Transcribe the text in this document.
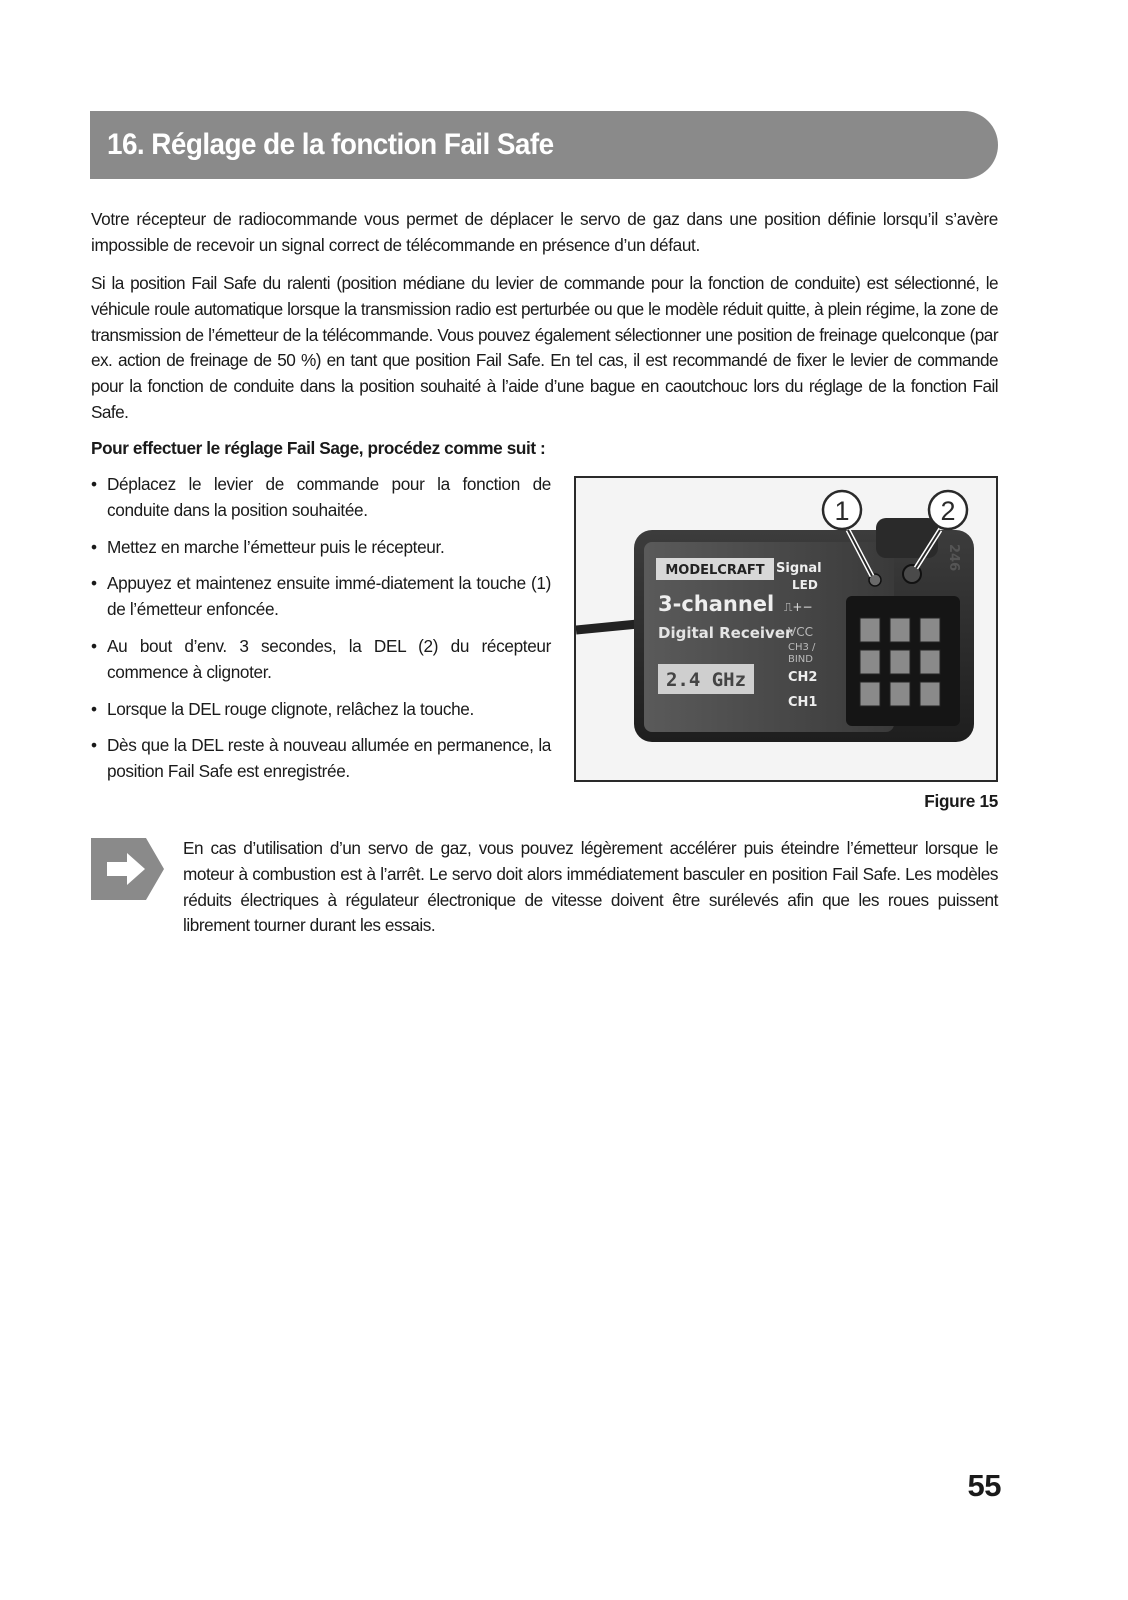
16. Réglage de la fonction Fail Safe

Votre récepteur de radiocommande vous permet de déplacer le servo de gaz dans une position définie lorsqu’il s’avère impossible de recevoir un signal correct de télécommande en présence d’un défaut.

Si la position Fail Safe du ralenti (position médiane du levier de commande pour la fonction de conduite) est sélectionné, le véhicule roule automatique lorsque la transmission radio est perturbée ou que le modèle réduit quitte, à plein régime, la zone de transmission de l’émetteur de la télécommande. Vous pouvez également sélectionner une position de freinage quelconque (par ex. action de freinage de 50 %) en tant que position Fail Safe. En tel cas, il est recommandé de fixer le levier de commande pour la fonction de conduite dans la position souhaité à l’aide d’une bague en caoutchouc lors du réglage de la fonction Fail Safe.

Pour effectuer le réglage Fail Sage, procédez comme suit :

• Déplacez le levier de commande pour la fonction de conduite dans la position souhaitée.
• Mettez en marche l’émetteur puis le récepteur.
• Appuyez et maintenez ensuite immé-diatement la touche (1) de l’émetteur enfoncée.
• Au bout d’env. 3 secondes, la DEL (2) du récepteur commence à clignoter.
• Lorsque la DEL rouge clignote, relâchez la touche.
• Dès que la DEL reste à nouveau allumée en permanence, la position Fail Safe est enregistrée.
MODELCRAFT Signal
LED
3-channel
Digital Receiver
⎍+−
2.4 GHz
VCC
CH3 /
BIND
CH2
CH1
246
1	2

Figure 15

En cas d’utilisation d’un servo de gaz, vous pouvez légèrement accélérer puis éteindre l’émetteur lorsque le moteur à combustion est à l’arrêt. Le servo doit alors immédiatement basculer en position Fail Safe. Les modèles réduits électriques à régulateur électronique de vitesse doivent être surélevés afin que les roues puissent librement tourner durant les essais.

55
